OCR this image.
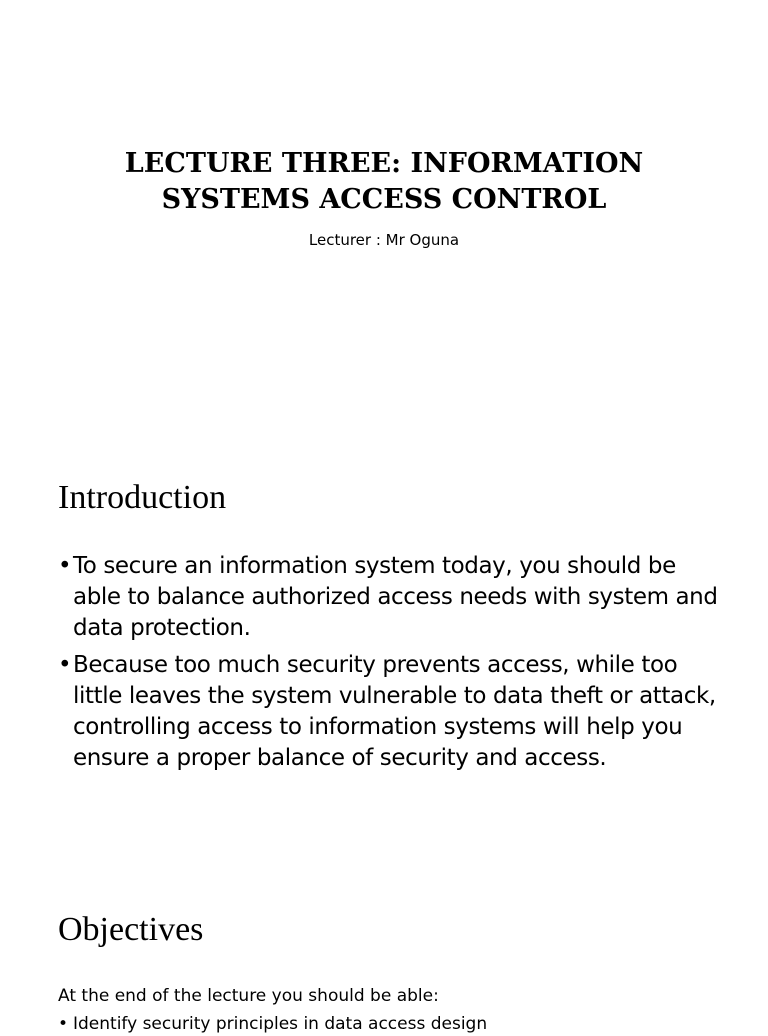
LECTURE THREE: INFORMATION
SYSTEMS ACCESS CONTROL

Lecturer : Mr Oguna

Introduction
• To secure an information system today, you should be able to balance authorized access needs with system and data protection.
• Because too much security prevents access, while too little leaves the system vulnerable to data theft or attack, controlling access to information systems will help you ensure a proper balance of security and access.
Objectives

At the end of the lecture you should be able:

• Identify security principles in data access design
